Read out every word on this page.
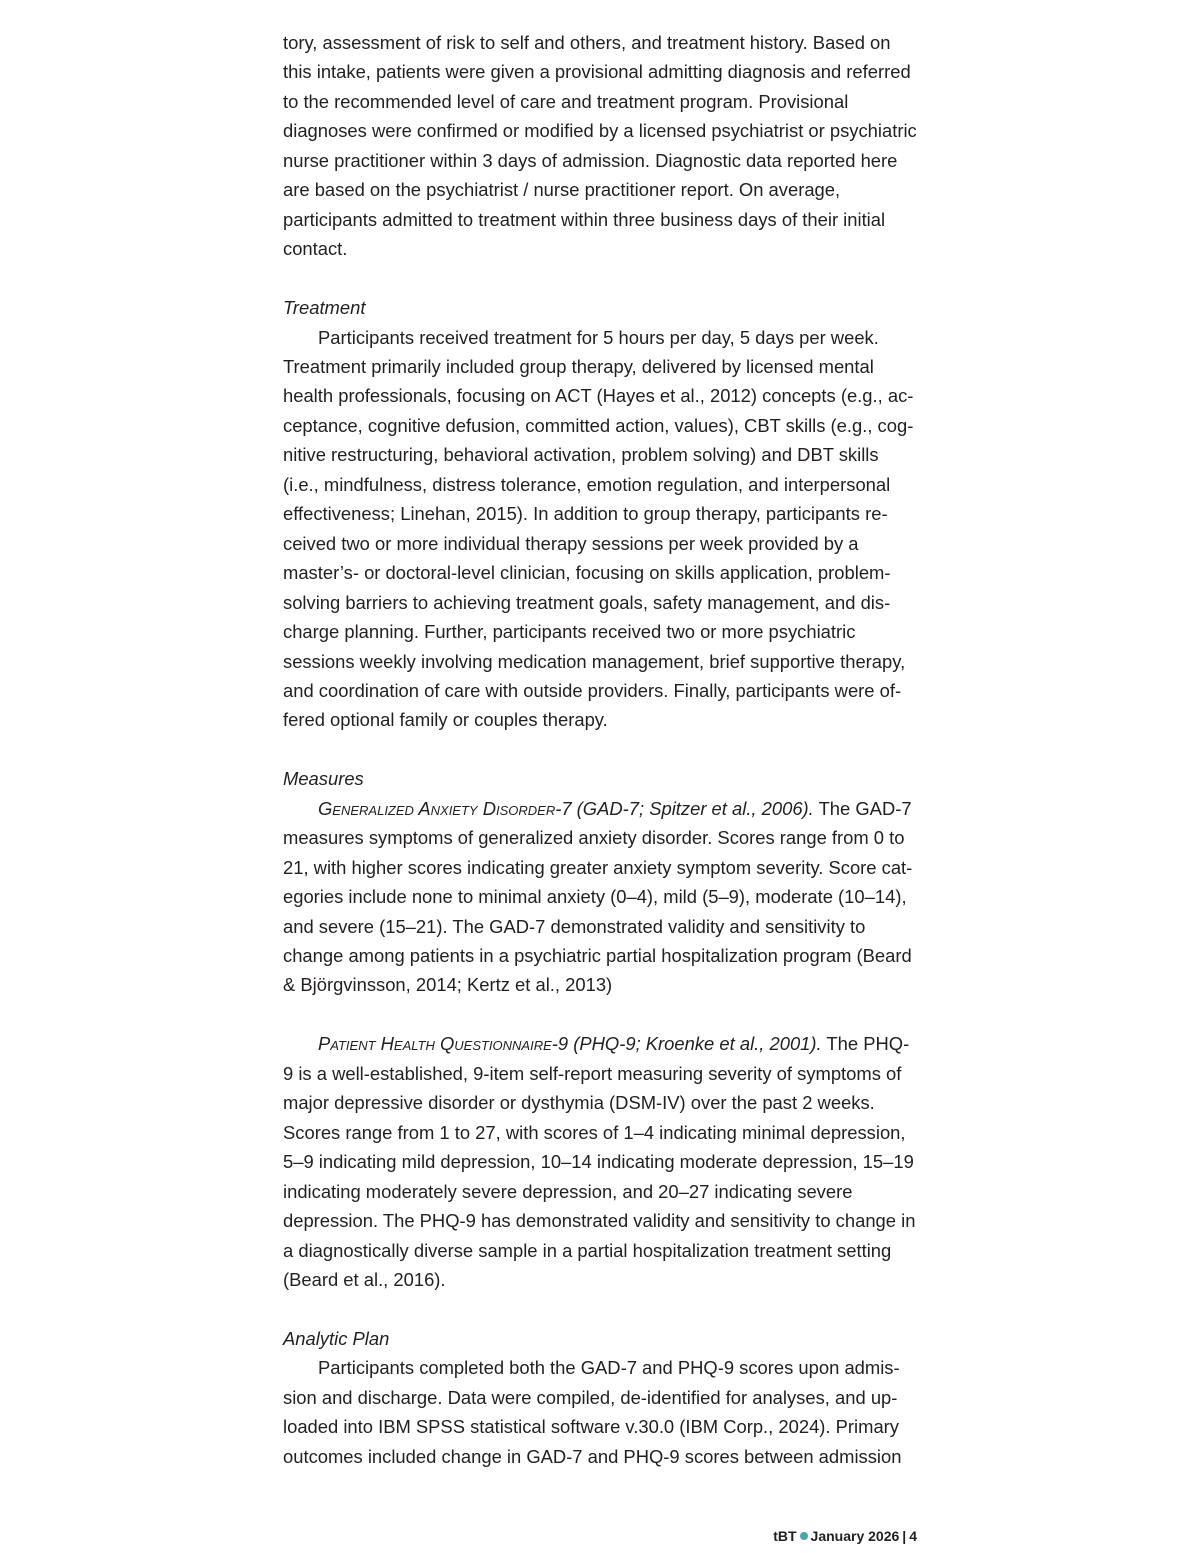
tory, assessment of risk to self and others, and treatment history. Based on this intake, patients were given a provisional admitting diagnosis and referred to the recommended level of care and treatment program. Provisional diagnoses were confirmed or modified by a licensed psychiatrist or psychiatric nurse practitioner within 3 days of admission. Diagnostic data reported here are based on the psychiatrist / nurse practitioner report. On average, participants admitted to treatment within three business days of their initial contact.

Treatment

Participants received treatment for 5 hours per day, 5 days per week. Treatment primarily included group therapy, delivered by licensed mental health professionals, focusing on ACT (Hayes et al., 2012) concepts (e.g., acceptance, cognitive defusion, committed action, values), CBT skills (e.g., cognitive restructuring, behavioral activation, problem solving) and DBT skills (i.e., mindfulness, distress tolerance, emotion regulation, and interpersonal effectiveness; Linehan, 2015). In addition to group therapy, participants received two or more individual therapy sessions per week provided by a master’s- or doctoral-level clinician, focusing on skills application, problemsolving barriers to achieving treatment goals, safety management, and discharge planning. Further, participants received two or more psychiatric sessions weekly involving medication management, brief supportive therapy, and coordination of care with outside providers. Finally, participants were offered optional family or couples therapy.

Measures

Generalized Anxiety Disorder-7 (GAD-7; Spitzer et al., 2006). The GAD-7 measures symptoms of generalized anxiety disorder. Scores range from 0 to 21, with higher scores indicating greater anxiety symptom severity. Score categories include none to minimal anxiety (0–4), mild (5–9), moderate (10–14), and severe (15–21). The GAD-7 demonstrated validity and sensitivity to change among patients in a psychiatric partial hospitalization program (Beard & Björgvinsson, 2014; Kertz et al., 2013)

Patient Health Questionnaire-9 (PHQ-9; Kroenke et al., 2001). The PHQ-9 is a well-established, 9-item self-report measuring severity of symptoms of major depressive disorder or dysthymia (DSM-IV) over the past 2 weeks. Scores range from 1 to 27, with scores of 1–4 indicating minimal depression, 5–9 indicating mild depression, 10–14 indicating moderate depression, 15–19 indicating moderately severe depression, and 20–27 indicating severe depression. The PHQ-9 has demonstrated validity and sensitivity to change in a diagnostically diverse sample in a partial hospitalization treatment setting (Beard et al., 2016).

Analytic Plan

Participants completed both the GAD-7 and PHQ-9 scores upon admission and discharge. Data were compiled, de-identified for analyses, and uploaded into IBM SPSS statistical software v.30.0 (IBM Corp., 2024). Primary outcomes included change in GAD-7 and PHQ-9 scores between admission

tBT January 2026 | 4
